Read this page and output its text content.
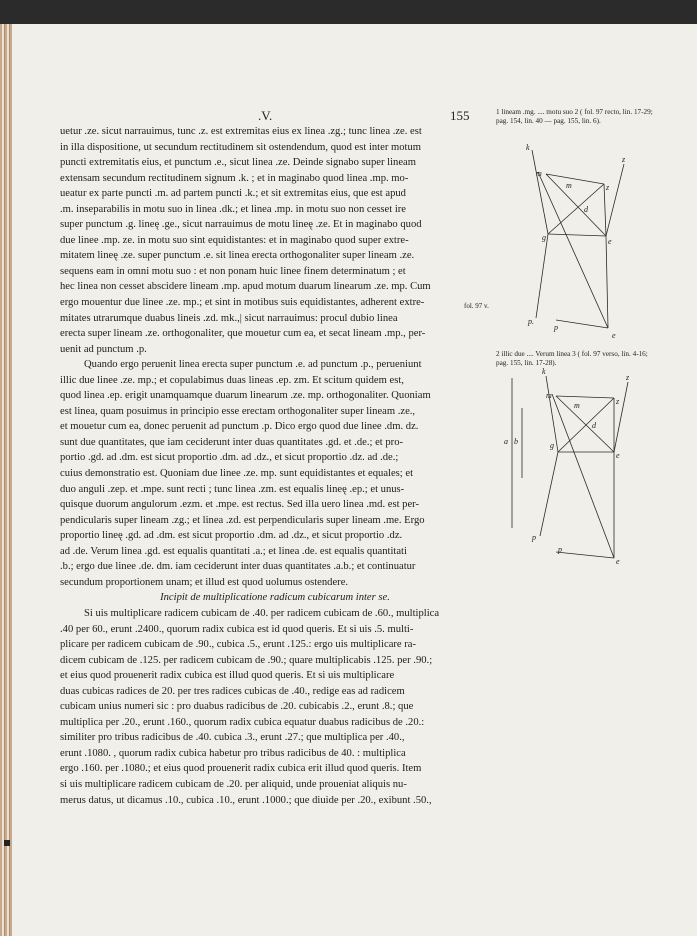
.V.	155	1 lineam .mg. .... motu suo 2 ( fol. 97 recto, lin. 17-29; pag. 154, lin. 40 — pag. 155, lin. 6).
2 illic due .... Verum linea 3 ( fol. 97 verso, lin. 4-16; pag. 155, lin. 17-28).
fol. 97 v.

uetur .ze. sicut narrauimus, tunc .z. est extremitas eius ex linea .zg.; tunc linea .ze. est

in illa dispositione, ut secundum rectitudinem sit ostendendum, quod est inter motum

puncti extremitatis eius, et punctum .e., sicut linea .ze. Deinde signabo super lineam

extensam secundum rectitudinem signum .k. ; et in maginabo quod linea .mp. mo-

ueatur ex parte puncti .m. ad partem puncti .k.; et sit extremitas eius, que est apud

.m. inseparabilis in motu suo in linea .dk.; et linea .mp. in motu suo non cesset ire

super punctum .g. lineę .ge., sicut narrauimus de motu lineę .ze. Et in maginabo quod

due linee .mp. ze. in motu suo sint equidistantes: et in maginabo quod super extre-

mitatem lineę .ze. super punctum .e. sit linea erecta orthogonaliter super lineam .ze.

sequens eam in omni motu suo : et non ponam huic linee finem determinatum ; et

hec linea non cesset abscidere lineam .mp. apud motum duarum linearum .ze. mp. Cum

ergo mouentur due linee .ze. mp.; et sint in motibus suis equidistantes, adherent extre-

mitates utrarumque duabus lineis .zd. mk.,| sicut narrauimus: procul dubio linea

erecta super lineam .ze. orthogonaliter, que mouetur cum ea, et secat lineam .mp., per-

uenit ad punctum .p.

Quando ergo peruenit linea erecta super punctum .e. ad punctum .p., perueniunt

illic due linee .ze. mp.; et copulabimus duas lineas .ep. zm. Et scitum quidem est,

quod linea .ep. erigit unamquamque duarum linearum .ze. mp. orthogonaliter. Quoniam

est linea, quam posuimus in principio esse erectam orthogonaliter super lineam .ze.,

et mouetur cum ea, donec peruenit ad punctum .p. Dico ergo quod due linee .dm. dz.

sunt due quantitates, que iam ceciderunt inter duas quantitates .gd. et .de.; et pro-

portio .gd. ad .dm. est sicut proportio .dm. ad .dz., et sicut proportio .dz. ad .de.;

cuius demonstratio est. Quoniam due linee .ze. mp. sunt equidistantes et equales; et

duo anguli .zep. et .mpe. sunt recti ; tunc linea .zm. est equalis lineę .ep.; et unus-

quisque duorum angulorum .ezm. et .mpe. est rectus. Sed illa uero linea .md. est per-

pendicularis super lineam .zg.; et linea .zd. est perpendicularis super lineam .me. Ergo

proportio lineę .gd. ad .dm. est sicut proportio .dm. ad .dz., et sicut proportio .dz.

ad .de. Verum linea .gd. est equalis quantitati .a.; et linea .de. est equalis quantitati

.b.; ergo due linee .de. dm. iam ceciderunt inter duas quantitates .a.b.; et continuatur

secundum proportionem unam; et illud est quod uolumus ostendere.

Incipit de multiplicatione radicum cubicarum inter se.

Si uis multiplicare radicem cubicam de .40. per radicem cubicam de .60., multiplica

.40 per 60., erunt .2400., quorum radix cubica est id quod queris. Et si uis .5. multi-

plicare per radicem cubicam de .90., cubica .5., erunt .125.: ergo uis multiplicare ra-

dicem cubicam de .125. per radicem cubicam de .90.; quare multiplicabis .125. per .90.;

et eius quod prouenerit radix cubica est illud quod queris. Et si uis multiplicare

duas cubicas radices de 20. per tres radices cubicas de .40., redige eas ad radicem

cubicam unius numeri sic : pro duabus radicibus de .20. cubicabis .2., erunt .8.; que

multiplica per .20., erunt .160., quorum radix cubica equatur duabus radicibus de .20.:

similiter pro tribus radicibus de .40. cubica .3., erunt .27.; que multiplica per .40.,

erunt .1080. , quorum radix cubica habetur pro tribus radicibus de 40. : multiplica

ergo .160. per .1080.; et eius quod prouenerit radix cubica erit illud quod queris. Item

si uis multiplicare radicem cubicam de .20. per aliquid, unde proueniat aliquis nu-

merus datus, ut dicamus .10., cubica .10., erunt .1000.; que diuide per .20., exibunt .50.,

k
z
m
m	z
d
g	e
p.
p
e
k
z
m
m	z
d
a b	g
e
p
p
e
